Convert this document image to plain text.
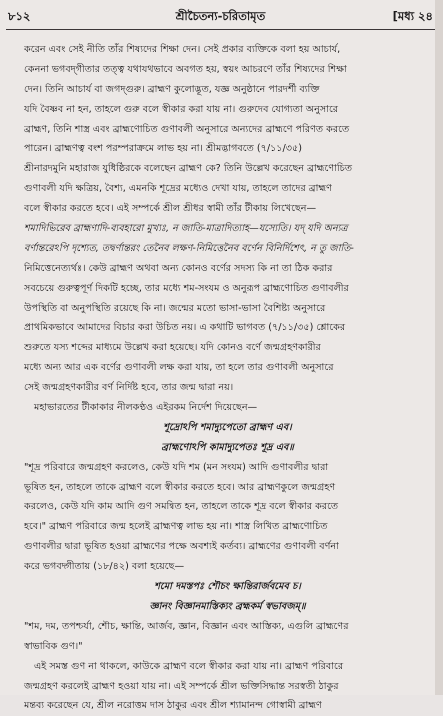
৮১২	শ্রীচৈতন্য-চরিতামৃত	[মধ্য ২৪
করেন এবং সেই নীতি তাঁর শিষ্যদের শিক্ষা দেন। সেই প্রকার ব্যক্তিকে বলা হয় আচার্য,
কেননা ভগবদ্‌গীতার তত্ত্ব যথাযথভাবে অবগত হয়, স্বয়ং আচরণে তাঁর শিষ্যদের শিক্ষা
দেন। তিনি আচার্য বা জগদ্‌গুরু। ব্রাহ্মণ কুলোদ্ভূত, যজ্ঞ অনুষ্ঠানে পারদর্শী ব্যক্তি
যদি বৈষ্ণব না হন, তাহলে গুরু বলে স্বীকার করা যায় না। গুরুদেব যোগ্যতা অনুসারে
ব্রাহ্মণ, তিনি শাস্ত্র এবং ব্রাহ্মণোচিত গুণাবলী অনুসারে অন্যদের ব্রাহ্মণে পরিণত করতে
পারেন। ব্রাহ্মণত্ব বংশ পরম্পরাক্রমে লাভ হয় না। শ্রীমদ্ভাগবতে (৭/১১/৩৫)
শ্রীনারদমুনি মহারাজ যুধিষ্ঠিরকে বলেছেন ব্রাহ্মণ কে? তিনি উল্লেখ করেছেন ব্রাহ্মণোচিত
গুণাবলী যদি ক্ষত্রিয়, বৈশ্য, এমনকি শূদ্রের মধ্যেও দেখা যায়, তাহলে তাদের ব্রাহ্মণ
বলে স্বীকার করতে হবে। এই সম্পর্কে শ্রীল শ্রীধর স্বামী তাঁর টীকায় লিখেছেন—
শমাদিভিরেব ব্রাহ্মণাদি-ব্যবহারো মুখ্যঃ, ন জাতি-মাত্রাদিত্যাহ—যস্যেতি। যদ্ যদি অন্যত্র
বর্ণান্তরেঽপি দৃশ্যেত, তদ্বর্ণান্তরং তেনৈব লক্ষণ-নিমিত্তেনৈব বর্ণেন বিনির্দিশেৎ, ন তু জাতি-
নিমিত্তেনেত্যর্থঃ। কেউ ব্রাহ্মণ অথবা অন্য কোনও বর্ণের সদস্য কি না তা ঠিক করার
সবচেয়ে গুরুত্বপূর্ণ দিকটি হচ্ছে, তার মধ্যে শম-সংযম ও অনুরূপ ব্রাহ্মণোচিত গুণাবলীর
উপস্থিতি বা অনুপস্থিতি রয়েছে কি না। জন্মের মতো ভাসা-ভাসা বৈশিষ্ট্য অনুসারে
প্রাথমিকভাবে আমাদের বিচার করা উচিত নয়। এ কথাটি ভাগবত (৭/১১/৩৫) শ্লোকের
শুরুতে যস্য শব্দের মাধ্যমে উল্লেখ করা হয়েছে। যদি কোনও বর্ণে জন্মগ্রহণকারীর
মধ্যে অন্য আর এক বর্ণের গুণাবলী লক্ষ করা যায়, তা হলে তার গুণাবলী অনুসারে
সেই জন্মগ্রহণকারীর বর্ণ নির্দিষ্ট হবে, তার জন্ম দ্বারা নয়।
মহাভারতের টীকাকার নীলকণ্ঠও এইরকম নির্দেশ দিয়েছেন—
শূদ্রোঽপি শমাদ্যুপেতো ব্রাহ্মণ এব।
ব্রাহ্মণোঽপি কামাদ্যুপেতঃ শূদ্র এব॥
"শূদ্র পরিবারে জন্মগ্রহণ করলেও, কেউ যদি শম (মন সংযম) আদি গুণাবলীর দ্বারা
ভূষিত হন, তাহলে তাকে ব্রাহ্মণ বলে স্বীকার করতে হবে। আর ব্রাহ্মণকুলে জন্মগ্রহণ
করলেও, কেউ যদি কাম আদি গুণ সমন্বিত হন, তাহলে তাকে শূদ্র বলে স্বীকার করতে
হবে।" ব্রাহ্মণ পরিবারে জন্ম হলেই ব্রাহ্মণত্ব লাভ হয় না। শাস্ত্র লিখিত ব্রাহ্মণোচিত
গুণাবলীর দ্বারা ভূষিত হওয়া ব্রাহ্মণের পক্ষে অবশ্যই কর্তব্য। ব্রাহ্মণের গুণাবলী বর্ণনা
করে ভগবদ্গীতায় (১৮/৪২) বলা হয়েছে—
শমো দমস্তপঃ শৌচং ক্ষান্তিরার্জবমেব চ।
জ্ঞানং বিজ্ঞানমাস্তিক্যং ব্রহ্মকর্ম স্বভাবজম্॥
"শম, দম, তপশ্চর্যা, শৌচ, ক্ষান্তি, আর্জব, জ্ঞান, বিজ্ঞান এবং আস্তিক্য, এগুলি ব্রাহ্মণের
স্বাভাবিক গুণ।"
এই সমস্ত গুণ না থাকলে, কাউকে ব্রাহ্মণ বলে স্বীকার করা যায় না। ব্রাহ্মণ পরিবারে
জন্মগ্রহণ করলেই ব্রাহ্মণ হওয়া যায় না। এই সম্পর্কে শ্রীল ভক্তিসিদ্ধান্ত সরস্বতী ঠাকুর
মন্তব্য করেছেন যে, শ্রীল নরোত্তম দাস ঠাকুর এবং শ্রীল শ্যামানন্দ গোস্বামী ব্রাহ্মণ
